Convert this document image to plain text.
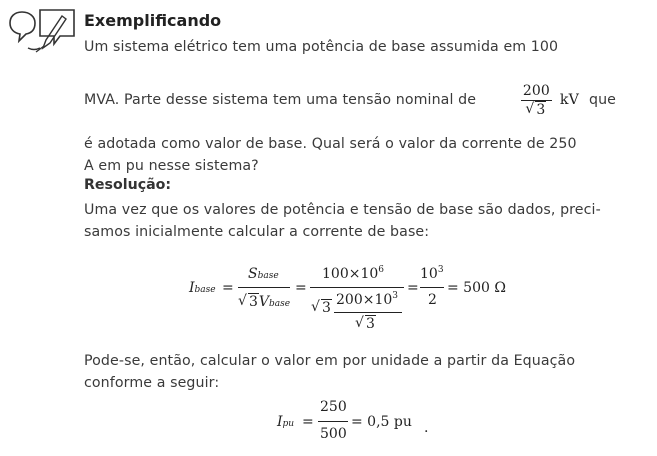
Exemplificando

Um sistema elétrico tem uma potência de base assumida em 100

MVA. Parte desse sistema tem uma tensão nominal de	200
√ 3 kV que

é adotada como valor de base. Qual será o valor da corrente de 250

A em pu nesse sistema?

Resolução:

Uma vez que os valores de potência e tensão de base são dados, preci-

samos inicialmente calcular a corrente de base:

Ibase =
Sbase
√ 3Vbase
=
$100\times 10^6$
√ 3 $200\times 10^3$
√ 3
=
$10^3$
2
= 500 Ω

Pode-se, então, calcular o valor em por unidade a partir da Equação

conforme a seguir:

Ipu =
250
500
= 0,5 pu .
